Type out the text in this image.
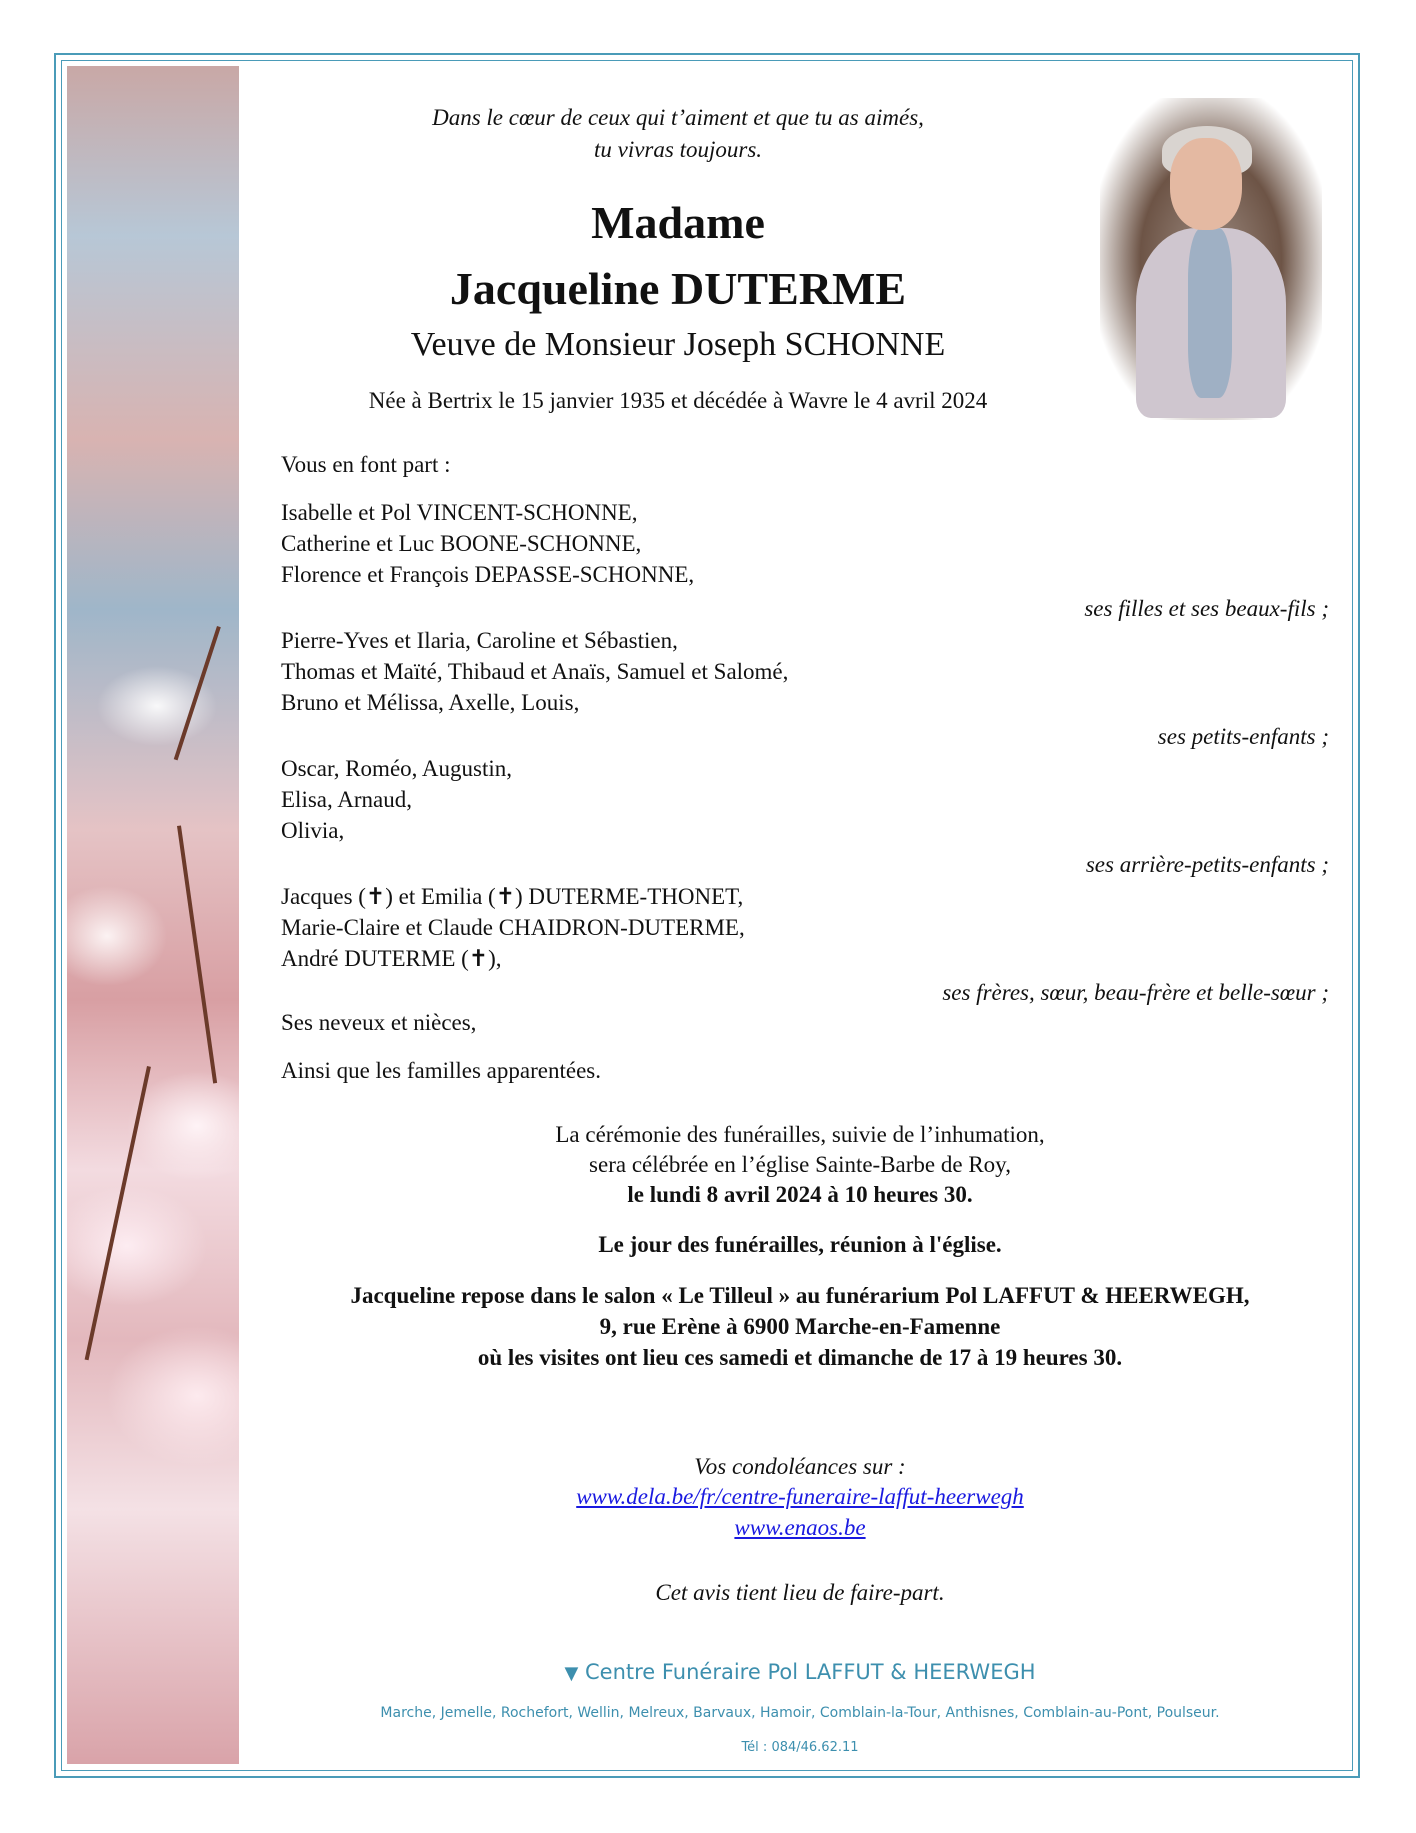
Dans le cœur de ceux qui t’aiment et que tu as aimés,
tu vivras toujours.
Madame
Jacqueline DUTERME
Veuve de Monsieur Joseph SCHONNE
Née à Bertrix le 15 janvier 1935 et décédée à Wavre le 4 avril 2024
Vous en font part :
Isabelle et Pol VINCENT-SCHONNE,
Catherine et Luc BOONE-SCHONNE,
Florence et François DEPASSE-SCHONNE,
ses filles et ses beaux-fils ;
Pierre-Yves et Ilaria, Caroline et Sébastien,
Thomas et Maïté, Thibaud et Anaïs, Samuel et Salomé,
Bruno et Mélissa, Axelle, Louis,
ses petits-enfants ;
Oscar, Roméo, Augustin,
Elisa, Arnaud,
Olivia,
ses arrière-petits-enfants ;
Jacques (✝) et Emilia (✝) DUTERME-THONET,
Marie-Claire et Claude CHAIDRON-DUTERME,
André DUTERME (✝),
ses frères, sœur, beau-frère et belle-sœur ;
Ses neveux et nièces,
Ainsi que les familles apparentées.
La cérémonie des funérailles, suivie de l’inhumation,
sera célébrée en l’église Sainte-Barbe de Roy,
le lundi 8 avril 2024 à 10 heures 30.
Le jour des funérailles, réunion à l'église.
Jacqueline repose dans le salon « Le Tilleul » au funérarium Pol LAFFUT & HEERWEGH,
9, rue Erène à 6900 Marche-en-Famenne
où les visites ont lieu ces samedi et dimanche de 17 à 19 heures 30.
Vos condoléances sur :
www.dela.be/fr/centre-funeraire-laffut-heerwegh
www.enaos.be
Cet avis tient lieu de faire-part.
▼ Centre Funéraire Pol LAFFUT & HEERWEGH
Marche, Jemelle, Rochefort, Wellin, Melreux, Barvaux, Hamoir, Comblain-la-Tour, Anthisnes, Comblain-au-Pont, Poulseur.
Tél : 084/46.62.11
